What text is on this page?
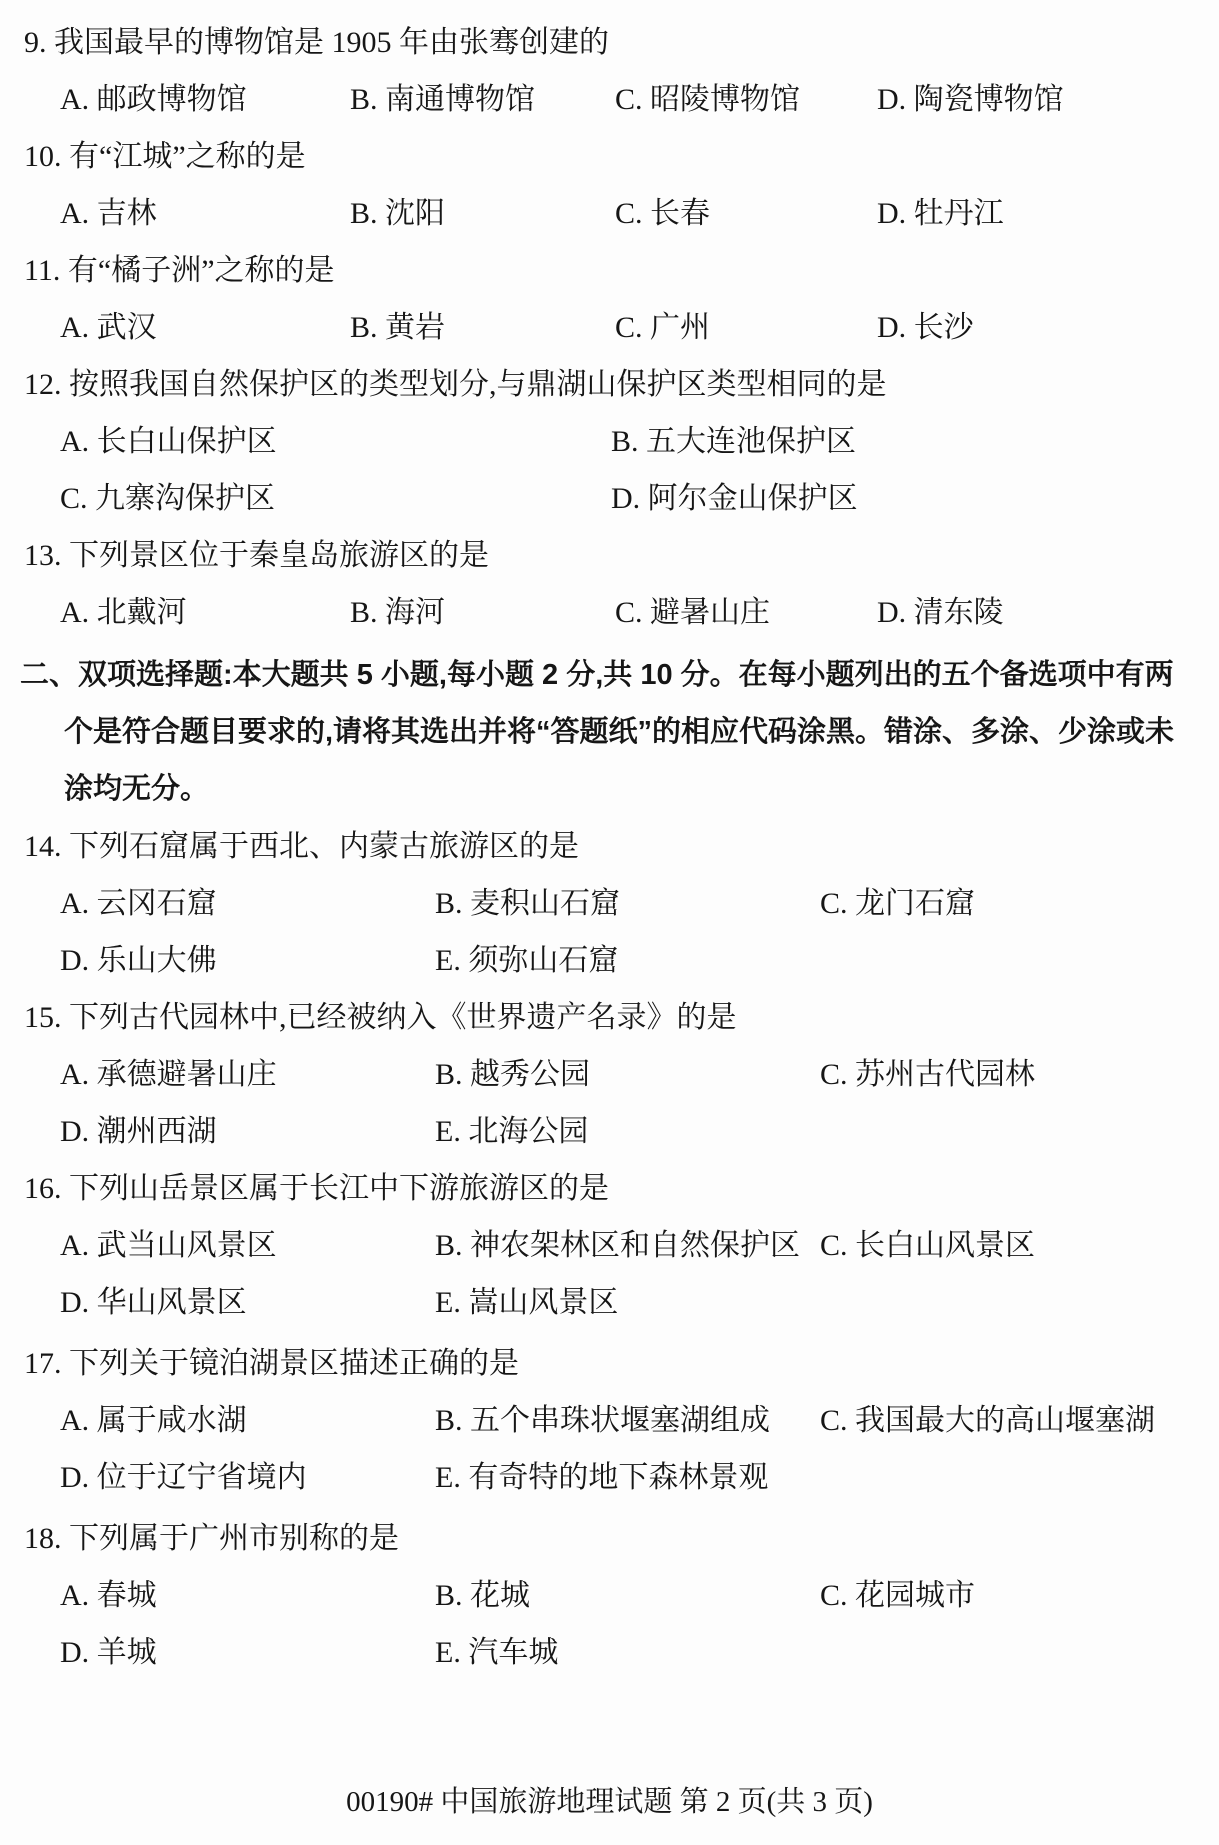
9. 我国最早的博物馆是 1905 年由张骞创建的
A. 邮政博物馆	B. 南通博物馆	C. 昭陵博物馆	D. 陶瓷博物馆
10. 有“江城”之称的是
A. 吉林	B. 沈阳	C. 长春	D. 牡丹江
11. 有“橘子洲”之称的是
A. 武汉	B. 黄岩	C. 广州	D. 长沙
12. 按照我国自然保护区的类型划分,与鼎湖山保护区类型相同的是
A. 长白山保护区	B. 五大连池保护区
C. 九寨沟保护区	D. 阿尔金山保护区
13. 下列景区位于秦皇岛旅游区的是
A. 北戴河	B. 海河	C. 避暑山庄	D. 清东陵
二、双项选择题:本大题共 5 小题,每小题 2 分,共 10 分。在每小题列出的五个备选项中有两
个是符合题目要求的,请将其选出并将“答题纸”的相应代码涂黑。错涂、多涂、少涂或未
涂均无分。
14. 下列石窟属于西北、内蒙古旅游区的是
A. 云冈石窟	B. 麦积山石窟	C. 龙门石窟
D. 乐山大佛	E. 须弥山石窟
15. 下列古代园林中,已经被纳入《世界遗产名录》的是
A. 承德避暑山庄	B. 越秀公园	C. 苏州古代园林
D. 潮州西湖	E. 北海公园
16. 下列山岳景区属于长江中下游旅游区的是
A. 武当山风景区	B. 神农架林区和自然保护区 C. 长白山风景区
D. 华山风景区	E. 嵩山风景区
17. 下列关于镜泊湖景区描述正确的是
A. 属于咸水湖	B. 五个串珠状堰塞湖组成 C. 我国最大的高山堰塞湖
D. 位于辽宁省境内	E. 有奇特的地下森林景观
18. 下列属于广州市别称的是
A. 春城	B. 花城	C. 花园城市
D. 羊城	E. 汽车城
00190# 中国旅游地理试题 第 2 页(共 3 页)
